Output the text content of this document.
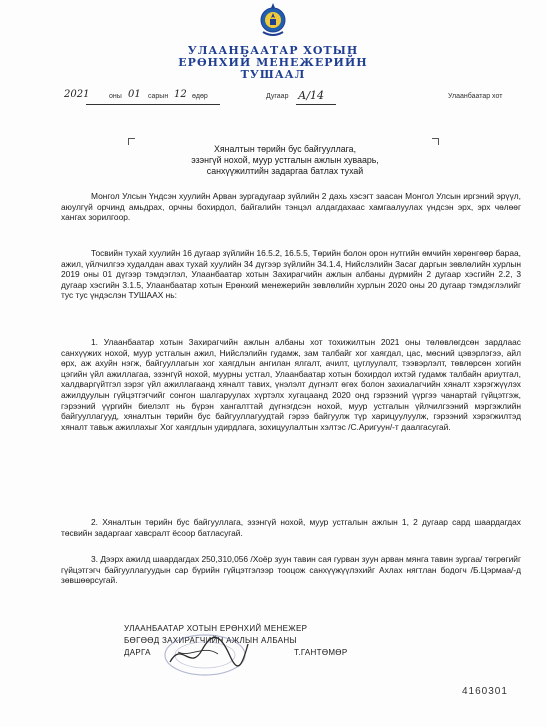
УЛААНБААТАР ХОТЫН
ЕРӨНХИЙ МЕНЕЖЕРИЙН
ТУШААЛ
2021	оны 01 сарын 12 өдөр	Дугаар А/14	Улаанбаатар хот
Хяналтын төрийн бус байгууллага,
эзэнгүй нохой, муур устгалын ажлын хуваарь,
санхүүжилтийн задаргаа батлах тухай

Монгол Улсын Үндсэн хуулийн Арван зургадугаар зүйлийн 2 дахь хэсэгт заасан Монгол Улсын иргэний эрүүл, аюулгүй орчинд амьдрах, орчны бохирдол, байгалийн тэнцэл алдагдахаас хамгаалуулах үндсэн эрх, эрх чөлөөг хангах зорилгоор.

Тосвийн тухай хуулийн 16 дугаар зүйлийн 16.5.2, 16.5.5, Төрийн болон орон нутгийн өмчийн хөрөнгөөр бараа, ажил, үйлчилгээ худалдан авах тухай хуулийн 34 дүгээр зүйлийн 34.1.4, Нийслэлийн Засаг даргын зөвлөлийн хурлын 2019 оны 01 дүгээр тэмдэглэл, Улаанбаатар хотын Захирагчийн ажлын албаны дүрмийн 2 дугаар хэсгийн 2.2, 3 дугаар хэсгийн 3.1.5, Улаанбаатар хотын Ерөнхий менежерийн зөвлөлийн хурлын 2020 оны 20 дугаар тэмдэглэлийг тус тус үндэслэн ТУШААХ нь:

1. Улаанбаатар хотын Захирагчийн ажлын албаны хот тохижилтын 2021 оны төлөвлөгдсөн зардлаас санхүүжих нохой, муур устгалын ажил, Нийслэлийн гудамж, зам талбайг хог хаягдал, цас, мөсний цэвэрлэгээ, айл өрх, аж ахуйн нэгж, байгууллагын хог хаягдлын ангилан ялгалт, ачилт, цуглуулалт, тээвэрлэлт, төвлөрсөн хогийн цэгийн үйл ажиллагаа, эзэнгүй нохой, муурны устгал, Улаанбаатар хотын бохирдол ихтэй гудамж талбайн ариутгал, халдваргүйтгэл зэрэг үйл ажиллагаанд хяналт тавих, үнэлэлт дүгнэлт өгөх болон захиалагчийн хяналт хэрэгжүүлэх ажилдуулын гүйцэтгэгчийг сонгон шалгаруулах хүртэлх хугацаанд 2020 онд гэрээний үүргээ чанартай гүйцэтгэж, гэрээний үүргийн биелэлт нь бүрэн хангалттай дүгнэгдсэн нохой, муур устгалын үйлчилгээний мэргэжлийн байгууллагууд, хяналтын төрийн бус байгууллагуудтай гэрээ байгуулж түр харицуулуулж, гэрээний хэрэгжилтэд хяналт тавьж ажиллахыг Хог хаягдлын удирдлага, зохицуулалтын хэлтэс /С.Аригуун/-т даалгасугай.

2. Хяналтын төрийн бус байгууллага, эзэнгүй нохой, муур устгалын ажлын 1, 2 дугаар сард шаардагдах төсвийн задаргааг хавсралт ёсоор батласугай.

3. Дээрх ажилд шаардагдах 250,310,056 /Хоёр зуун тавин сая гурван зуун арван мянга тавин зургаа/ төгрөгийг гүйцэтгэгч байгууллагуудын сар бүрийн гүйцэтгэлээр тооцож санхүүжүүлэхийг Ахлах нягтлан бодогч /Б.Цэрмаа/-д зөвшөөрсугай.

УЛААНБААТАР ХОТЫН ЕРӨНХИЙ МЕНЕЖЕР
БӨГӨӨД ЗАХИРАГЧИЙН АЖЛЫН АЛБАНЫ
ДАРГА	Т.ГАНТӨМӨР
4160301
